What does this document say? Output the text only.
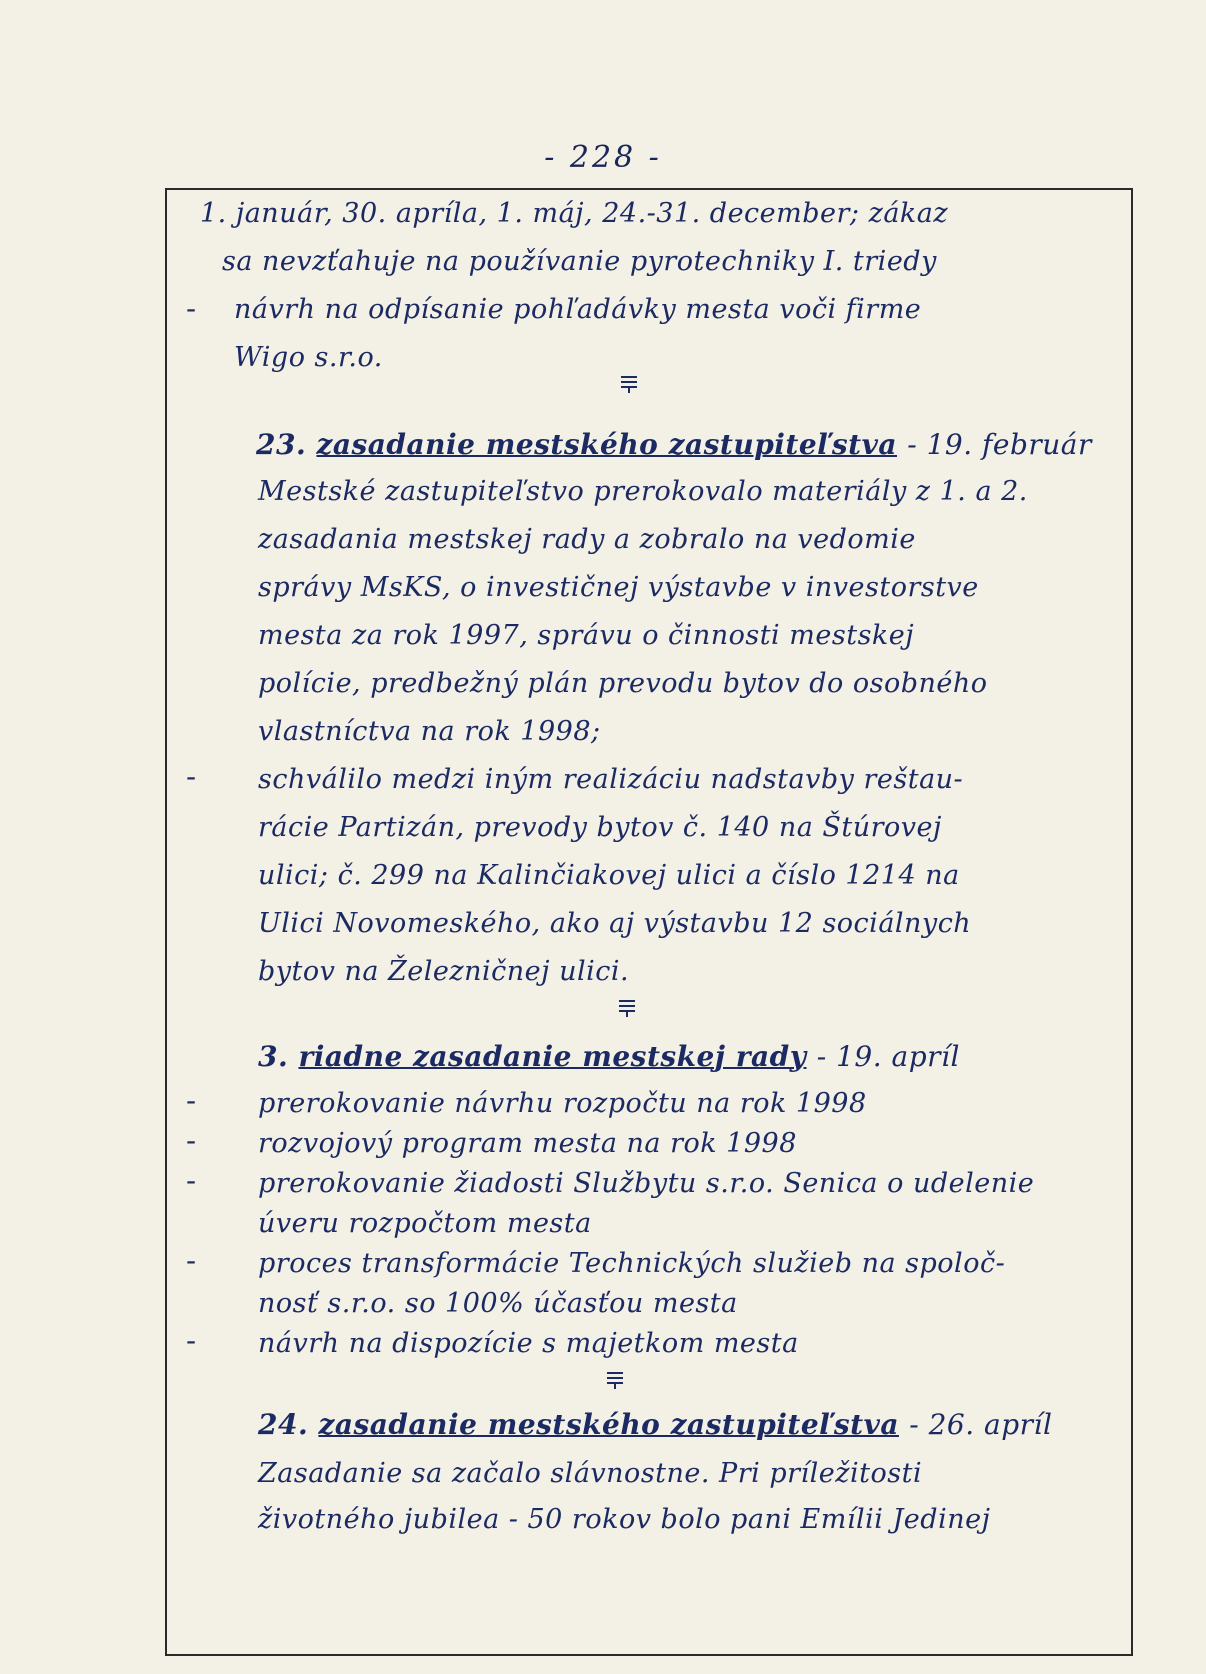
- 228 -
1. január, 30. apríla, 1. máj, 24.-31. december; zákaz
sa nevzťahuje na používanie pyrotechniky I. triedy
- návrh na odpísanie pohľadávky mesta voči firme
Wigo s.r.o.
23. zasadanie mestského zastupiteľstva - 19. február
Mestské zastupiteľstvo prerokovalo materiály z 1. a 2.
zasadania mestskej rady a zobralo na vedomie
správy MsKS, o investičnej výstavbe v investorstve
mesta za rok 1997, správu o činnosti mestskej
polície, predbežný plán prevodu bytov do osobného
vlastníctva na rok 1998;
- schválilo medzi iným realizáciu nadstavby reštau-
rácie Partizán, prevody bytov č. 140 na Štúrovej
ulici; č. 299 na Kalinčiakovej ulici a číslo 1214 na
Ulici Novomeského, ako aj výstavbu 12 sociálnych
bytov na Železničnej ulici.
3. riadne zasadanie mestskej rady - 19. apríl
- prerokovanie návrhu rozpočtu na rok 1998
- rozvojový program mesta na rok 1998
- prerokovanie žiadosti Službytu s.r.o. Senica o udelenie
úveru rozpočtom mesta
- proces transformácie Technických služieb na spoloč-
nosť s.r.o. so 100% účasťou mesta
- návrh na dispozície s majetkom mesta
24. zasadanie mestského zastupiteľstva - 26. apríl
Zasadanie sa začalo slávnostne. Pri príležitosti
životného jubilea - 50 rokov bolo pani Emílii Jedinej
